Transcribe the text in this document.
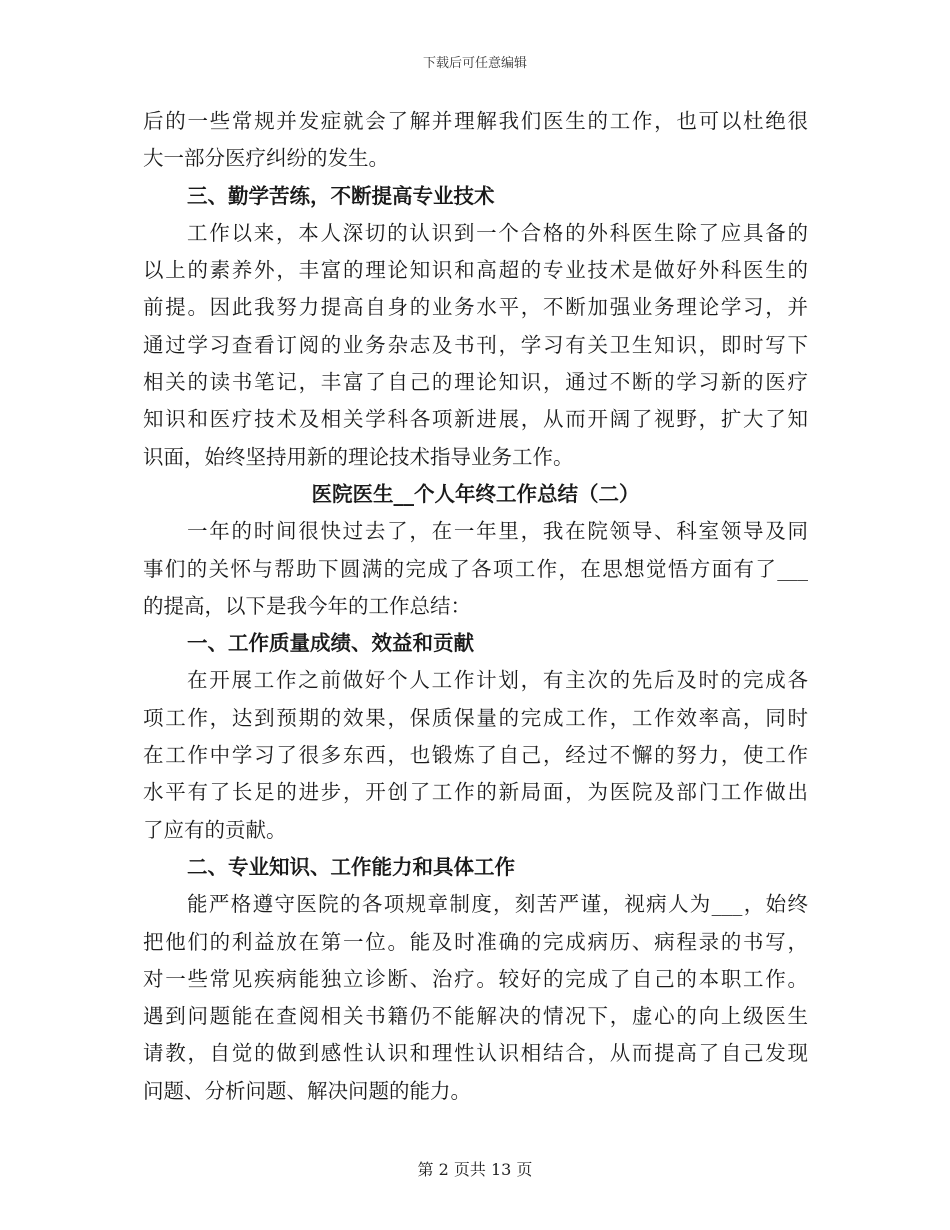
下载后可任意编辑
后的一些常规并发症就会了解并理解我们医生的工作，也可以杜绝很
大一部分医疗纠纷的发生。
三、勤学苦练，不断提高专业技术
工作以来，本人深切的认识到一个合格的外科医生除了应具备的
以上的素养外，丰富的理论知识和高超的专业技术是做好外科医生的
前提。因此我努力提高自身的业务水平，不断加强业务理论学习，并
通过学习查看订阅的业务杂志及书刊，学习有关卫生知识，即时写下
相关的读书笔记，丰富了自己的理论知识，通过不断的学习新的医疗
知识和医疗技术及相关学科各项新进展，从而开阔了视野，扩大了知
识面，始终坚持用新的理论技术指导业务工作。
医院医生__个人年终工作总结（二）
一年的时间很快过去了，在一年里，我在院领导、科室领导及同
事们的关怀与帮助下圆满的完成了各项工作，在思想觉悟方面有了___
的提高，以下是我今年的工作总结：
一、工作质量成绩、效益和贡献
在开展工作之前做好个人工作计划，有主次的先后及时的完成各
项工作，达到预期的效果，保质保量的完成工作，工作效率高，同时
在工作中学习了很多东西，也锻炼了自己，经过不懈的努力，使工作
水平有了长足的进步，开创了工作的新局面，为医院及部门工作做出
了应有的贡献。
二、专业知识、工作能力和具体工作
能严格遵守医院的各项规章制度，刻苦严谨，视病人为___，始终
把他们的利益放在第一位。能及时准确的完成病历、病程录的书写，
对一些常见疾病能独立诊断、治疗。较好的完成了自己的本职工作。
遇到问题能在查阅相关书籍仍不能解决的情况下，虚心的向上级医生
请教，自觉的做到感性认识和理性认识相结合，从而提高了自己发现
问题、分析问题、解决问题的能力。
第 2 页共 13 页
